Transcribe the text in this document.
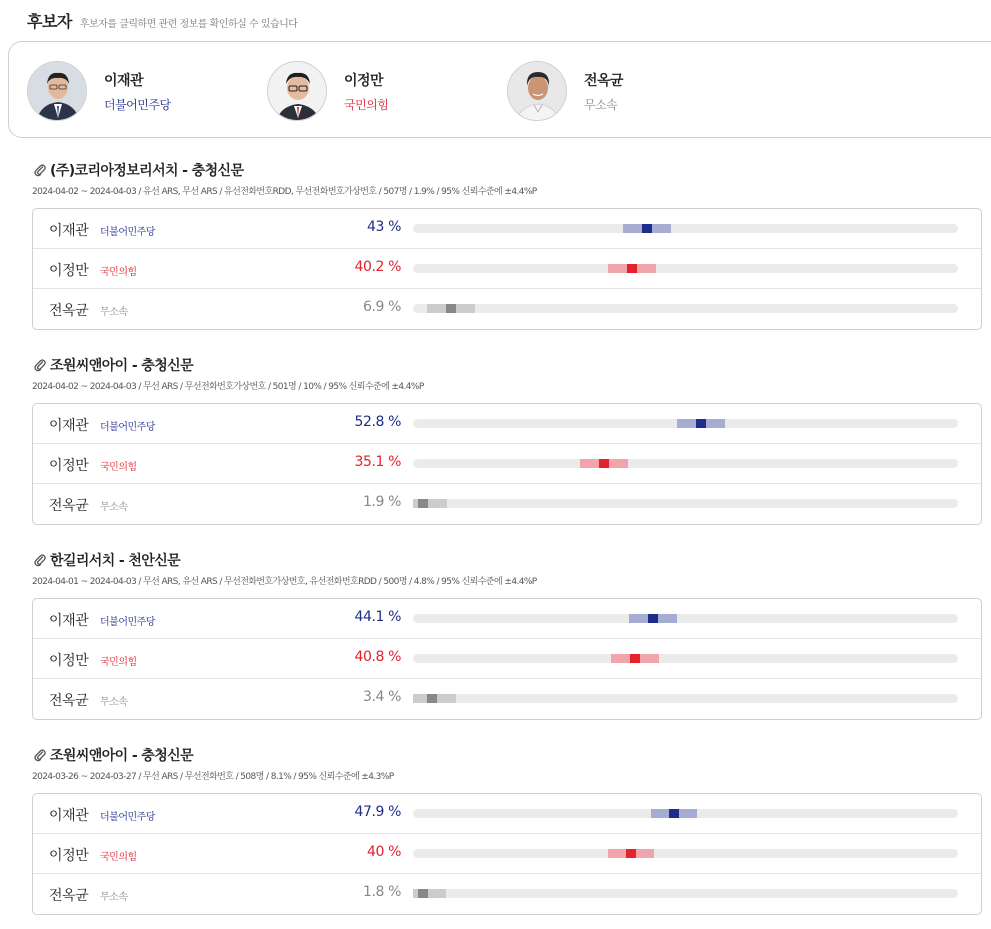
후보자 후보자를 클릭하면 관련 정보를 확인하실 수 있습니다
이재관
더불어민주당
이정만
국민의힘
전옥균
무소속
(주)코리아정보리서치 - 충청신문
2024-04-02 ~ 2024-04-03 / 유선 ARS, 무선 ARS / 유선전화번호RDD, 무선전화번호가상번호 / 507명 / 1.9% / 95% 신뢰수준에 ±4.4%P
이재관 더불어민주당	43 %
이정만 국민의힘	40.2 %
전옥균 무소속	6.9 %
조원씨앤아이 - 충청신문
2024-04-02 ~ 2024-04-03 / 무선 ARS / 무선전화번호가상번호 / 501명 / 10% / 95% 신뢰수준에 ±4.4%P
이재관 더불어민주당	52.8 %
이정만 국민의힘	35.1 %
전옥균 무소속	1.9 %
한길리서치 - 천안신문
2024-04-01 ~ 2024-04-03 / 무선 ARS, 유선 ARS / 무선전화번호가상번호, 유선전화번호RDD / 500명 / 4.8% / 95% 신뢰수준에 ±4.4%P
이재관 더불어민주당	44.1 %
이정만 국민의힘	40.8 %
전옥균 무소속	3.4 %
조원씨앤아이 - 충청신문
2024-03-26 ~ 2024-03-27 / 무선 ARS / 무선전화번호 / 508명 / 8.1% / 95% 신뢰수준에 ±4.3%P
이재관 더불어민주당	47.9 %
이정만 국민의힘	40 %
전옥균 무소속	1.8 %
